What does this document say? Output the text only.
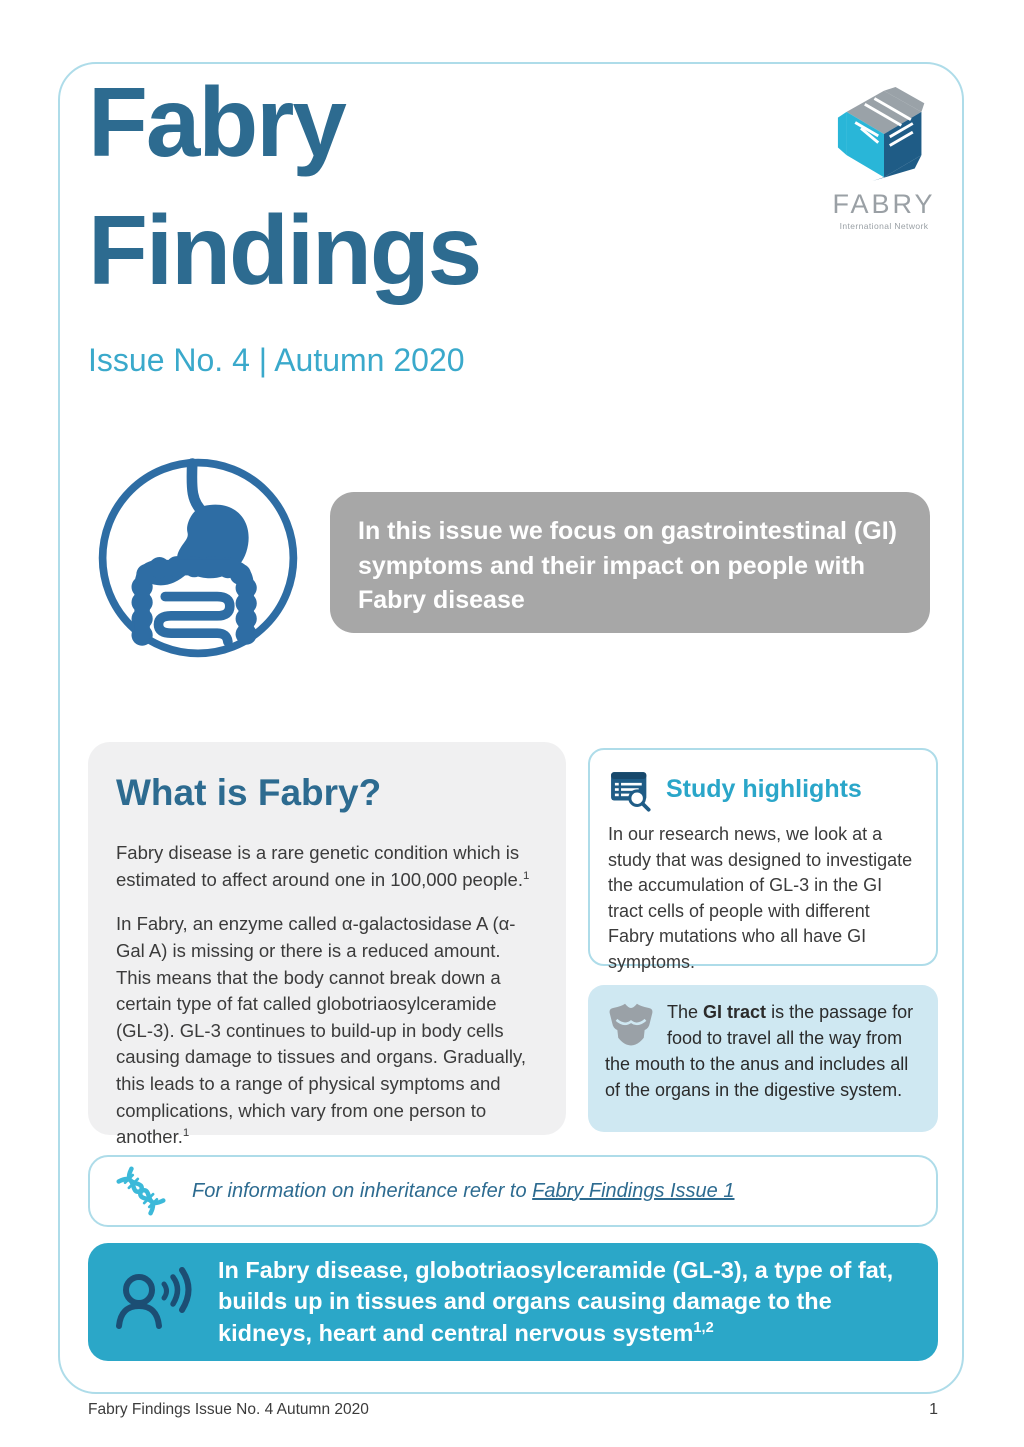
Fabry
Findings
Issue No. 4 | Autumn 2020
FABRY
International Network
In this issue we focus on gastrointestinal (GI) symptoms and their impact on people with Fabry disease
What is Fabry?

Fabry disease is a rare genetic condition which is estimated to affect around one in 100,000 people.$^1$

In Fabry, an enzyme called α-galactosidase A (α-Gal A) is missing or there is a reduced amount. This means that the body cannot break down a certain type of fat called globotriaosylceramide (GL-3). GL-3 continues to build-up in body cells causing damage to tissues and organs. Gradually, this leads to a range of physical symptoms and complications, which vary from one person to another.$^1$

Study highlights
In our research news, we look at a study that was designed to investigate the accumulation of GL-3 in the GI tract cells of people with different Fabry mutations who all have GI symptoms.
The GI tract is the passage for food to travel all the way from the mouth to the anus and includes all of the organs in the digestive system.
For information on inheritance refer to Fabry Findings Issue 1
In Fabry disease, globotriaosylceramide (GL-3), a type of fat, builds up in tissues and organs causing damage to the kidneys, heart and central nervous system$^{1,2}$
Fabry Findings Issue No. 4 Autumn 2020	1
